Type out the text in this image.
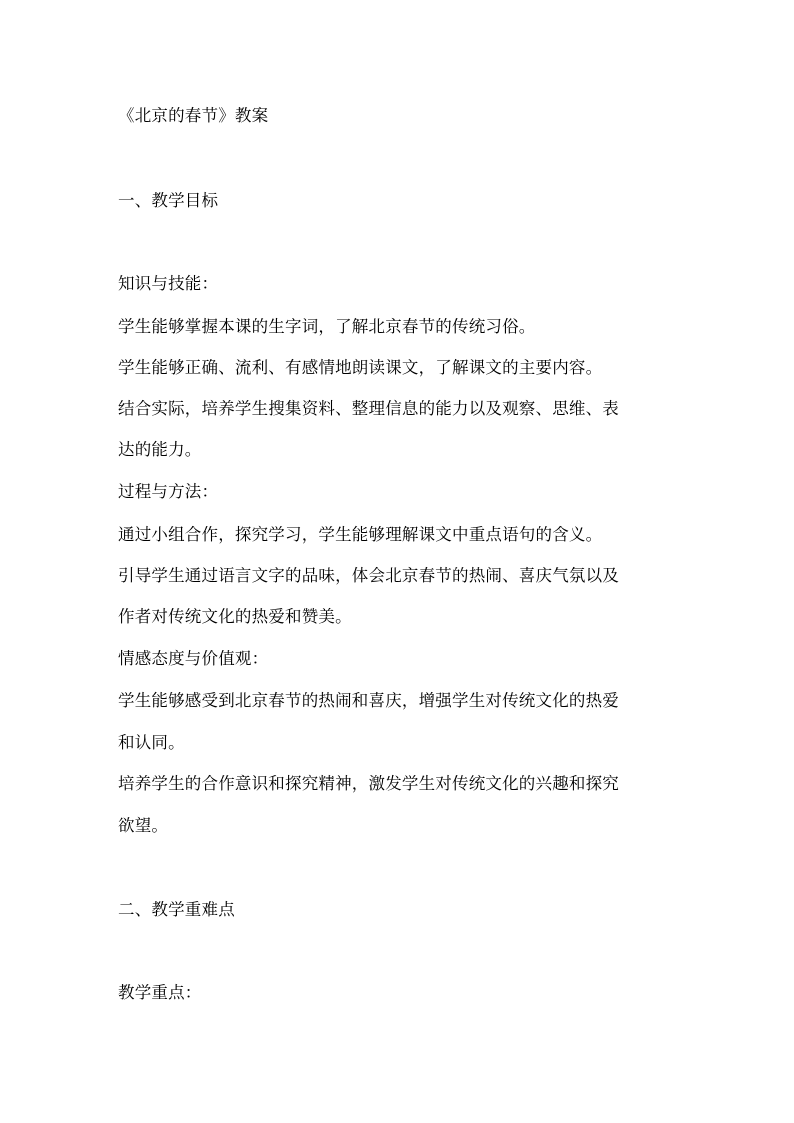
《北京的春节》教案
一、教学目标
知识与技能：
学生能够掌握本课的生字词，了解北京春节的传统习俗。
学生能够正确、流利、有感情地朗读课文，了解课文的主要内容。
结合实际，培养学生搜集资料、整理信息的能力以及观察、思维、表
达的能力。
过程与方法：
通过小组合作，探究学习，学生能够理解课文中重点语句的含义。
引导学生通过语言文字的品味，体会北京春节的热闹、喜庆气氛以及
作者对传统文化的热爱和赞美。
情感态度与价值观：
学生能够感受到北京春节的热闹和喜庆，增强学生对传统文化的热爱
和认同。
培养学生的合作意识和探究精神，激发学生对传统文化的兴趣和探究
欲望。
二、教学重难点
教学重点：
